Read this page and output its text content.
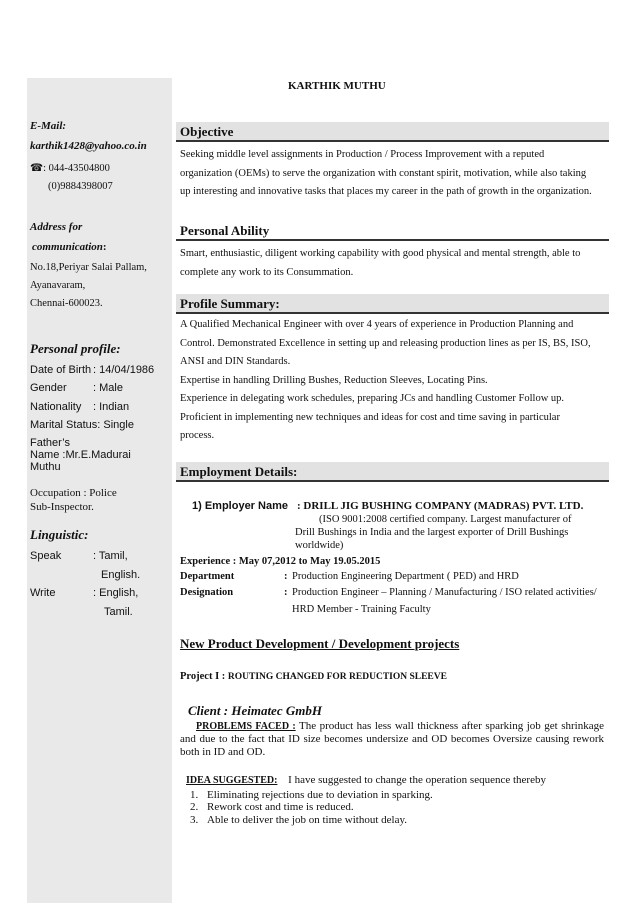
KARTHIK MUTHU
E-Mail:
karthik1428@yahoo.co.in
☎: 044-43504800
(0)9884398007
Address for
communication:
No.18,Periyar Salai Pallam,
Ayanavaram,
Chennai-600023.
Personal profile:
Date of Birth : 14/04/1986
Gender : Male
Nationality : Indian
Marital Status: Single
Father’s
Name :Mr.E.Madurai
Muthu
Occupation : Police
Sub-Inspector.
Linguistic:
Speak	: Tamil,
English.
Write	: English,
Tamil.
Objective
Seeking middle level assignments in Production / Process Improvement with a reputed
organization (OEMs) to serve the organization with constant spirit, motivation, while also taking
up interesting and innovative tasks that places my career in the path of growth in the organization.
Personal Ability
Smart, enthusiastic, diligent working capability with good physical and mental strength, able to
complete any work to its Consummation.
Profile Summary:
A Qualified Mechanical Engineer with over 4 years of experience in Production Planning and
Control. Demonstrated Excellence in setting up and releasing production lines as per IS, BS, ISO,
ANSI and DIN Standards.
Expertise in handling Drilling Bushes, Reduction Sleeves, Locating Pins.
Experience in delegating work schedules, preparing JCs and handling Customer Follow up.
Proficient in implementing new techniques and ideas for cost and time saving in particular
process.
Employment Details:
1) Employer Name : DRILL JIG BUSHING COMPANY (MADRAS) PVT. LTD.
(ISO 9001:2008 certified company. Largest manufacturer of
Drill Bushings in India and the largest exporter of Drill Bushings
worldwide)
Experience : May 07,2012 to May 19.05.2015
Department	: Production Engineering Department ( PED) and HRD
Designation	: Production Engineer – Planning / Manufacturing / ISO related activities/
HRD Member - Training Faculty
New Product Development / Development projects
Project I : ROUTING CHANGED FOR REDUCTION SLEEVE
Client : Heimatec GmbH
PROBLEMS FACED : The product has less wall thickness after sparking job get shrinkage and due to the fact that ID size becomes undersize and OD becomes Oversize causing rework both in ID and OD.
IDEA SUGGESTED: I have suggested to change the operation sequence thereby
1. Eliminating rejections due to deviation in sparking.
2. Rework cost and time is reduced.
3. Able to deliver the job on time without delay.
